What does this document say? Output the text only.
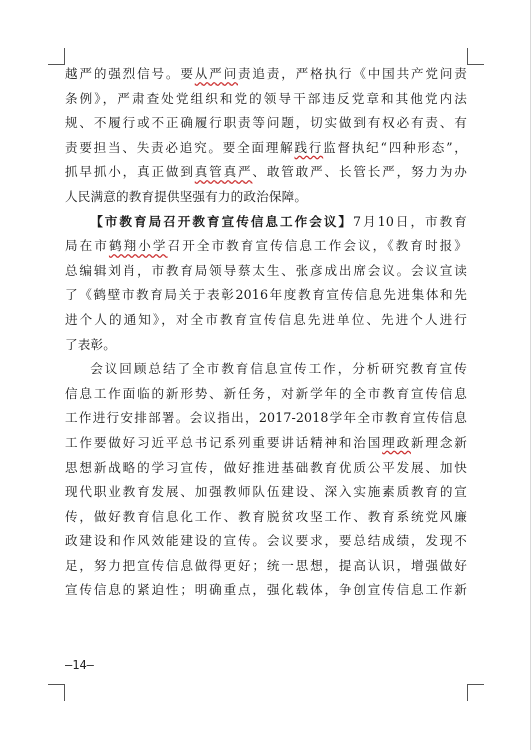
越严的强烈信号。要从严问责追责，严格执行《中国共产党问责
条例》，严肃查处党组织和党的领导干部违反党章和其他党内法
规、不履行或不正确履行职责等问题，切实做到有权必有责、有
责要担当、失责必追究。要全面理解践行监督执纪“四种形态”，
抓早抓小，真正做到真管真严、敢管敢严、长管长严，努力为办
人民满意的教育提供坚强有力的政治保障。
【市教育局召开教育宣传信息工作会议】7月10日，市教育
局在市鹤翔小学召开全市教育宣传信息工作会议，《教育时报》
总编辑刘肖，市教育局领导蔡太生、张彦成出席会议。会议宣读
了《鹤壁市教育局关于表彰2016年度教育宣传信息先进集体和先
进个人的通知》，对全市教育宣传信息先进单位、先进个人进行
了表彰。
会议回顾总结了全市教育信息宣传工作，分析研究教育宣传
信息工作面临的新形势、新任务，对新学年的全市教育宣传信息
工作进行安排部署。会议指出，2017-2018学年全市教育宣传信息
工作要做好习近平总书记系列重要讲话精神和治国理政新理念新
思想新战略的学习宣传，做好推进基础教育优质公平发展、加快
现代职业教育发展、加强教师队伍建设、深入实施素质教育的宣
传，做好教育信息化工作、教育脱贫攻坚工作、教育系统党风廉
政建设和作风效能建设的宣传。会议要求，要总结成绩，发现不
足，努力把宣传信息做得更好；统一思想，提高认识，增强做好
宣传信息的紧迫性；明确重点，强化载体，争创宣传信息工作新
—14—
